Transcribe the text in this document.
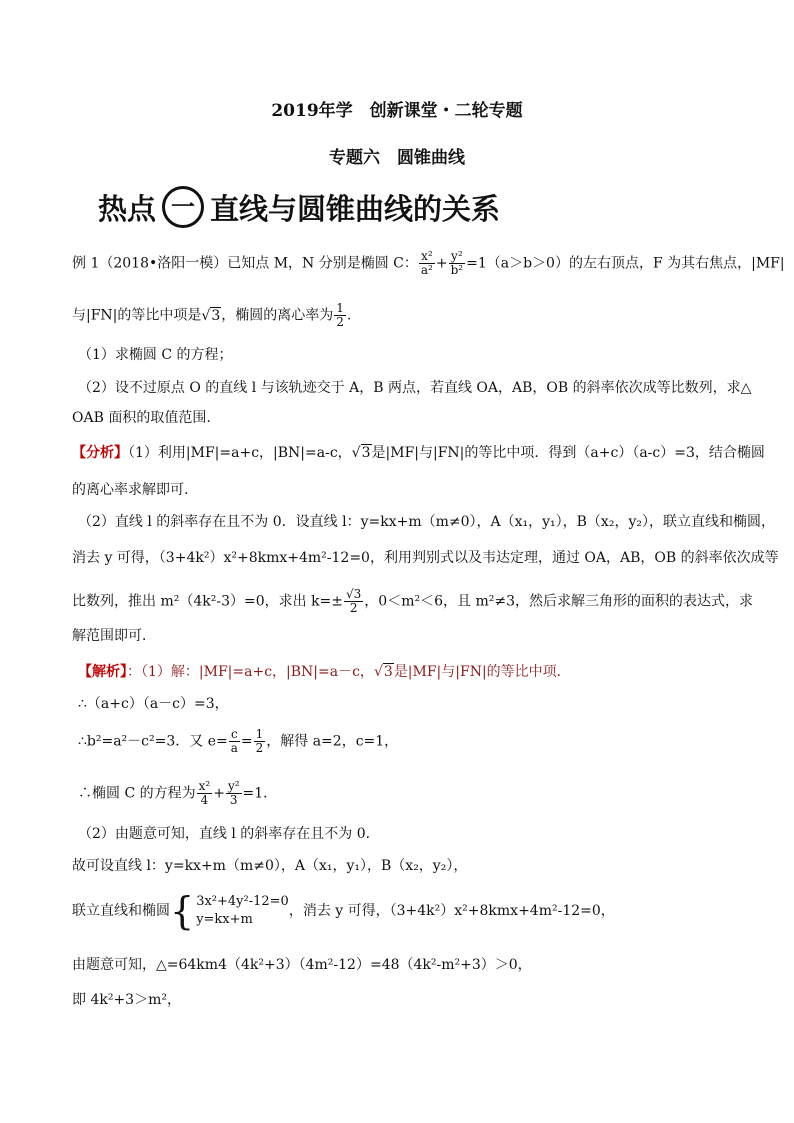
2019年学　创新课堂・二轮专题
专题六　圆锥曲线
热点 一 直线与圆锥曲线的关系
例 1（2018•洛阳一模）已知点 M，N 分别是椭圆 C： $\frac{\text{x²}}{\text{a²}} + \frac{\text{y²}}{\text{b²}} =1(a>b>0)$的左右顶点，F 为其右焦点，|MF|
与|FN|的等比中项是√3，椭圆的离心率为 $\frac{1}{2}$ .
（1）求椭圆 C 的方程；
（2）设不过原点 O 的直线 l 与该轨迹交于 A，B 两点，若直线 OA，AB，OB 的斜率依次成等比数列，求△
OAB 面积的取值范围.
【分析】（1）利用|MF|=a+c，|BN|=a-c，√3是|MF|与|FN|的等比中项．得到（a+c）（a-c）=3，结合椭圆
的离心率求解即可.
（2）直线 l 的斜率存在且不为 0．设直线 l：y=kx+m（m≠0），A（x₁，y₁），B（x₂，y₂），联立直线和椭圆，
消去 y 可得，（3+4k²）x²+8kmx+4m²-12=0，利用判别式以及韦达定理，通过 OA，AB，OB 的斜率依次成等
比数列，推出 m²（4k²-3）=0，求出 $k=\pm \frac{√3}{2}$ ，0＜m²＜6，且 m²≠3，然后求解三角形的面积的表达式，求
解范围即可．
【解析】：（1）解：|MF|=a+c，|BN|=a－c，√3是|MF|与|FN|的等比中项．
∴（a+c）（a－c）=3，
∴b²=a²－c²=3．又 $e= \frac{c}{a} = \frac{1}{2}$ ，解得 a=2，c=1，
∴椭圆 C 的方程为 $\frac{\text{x²}}{4} + \frac{\text{y²}}{3} =1$．
（2）由题意可知，直线 l 的斜率存在且不为 0．
故可设直线 l：y=kx+m（m≠0），A（x₁，y₁），B（x₂，y₂），
联立直线和椭圆 { 3x²+4y²-12=0
y=kx+m
，消去 y 可得，（3+4k²）x²+8kmx+4m²-12=0，
由题意可知，△=64km4（4k²+3）（4m²-12）=48（4k²-m²+3）＞0，
即 4k²+3＞m²，
